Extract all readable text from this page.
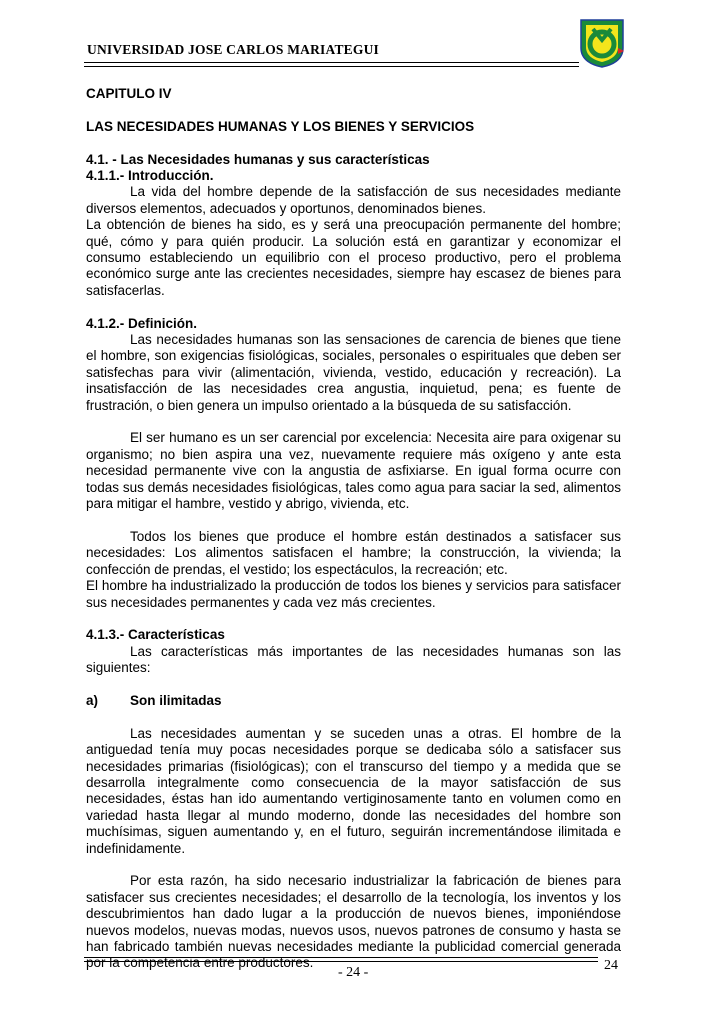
UNIVERSIDAD JOSE CARLOS MARIATEGUI

CAPITULO IV

LAS NECESIDADES HUMANAS Y LOS BIENES Y SERVICIOS

4.1. - Las Necesidades humanas y sus características

4.1.1.- Introducción.

La vida del hombre depende de la satisfacción de sus necesidades mediante diversos elementos, adecuados y oportunos, denominados bienes.

La obtención de bienes ha sido, es y será una preocupación permanente del hombre; qué, cómo y para quién producir. La solución está en garantizar y economizar el consumo estableciendo un equilibrio con el proceso productivo, pero el problema económico surge ante las crecientes necesidades, siempre hay escasez de bienes para satisfacerlas.

4.1.2.- Definición.

Las necesidades humanas son las sensaciones de carencia de bienes que tiene el hombre, son exigencias fisiológicas, sociales, personales o espirituales que deben ser satisfechas para vivir (alimentación, vivienda, vestido, educación y recreación). La insatisfacción de las necesidades crea angustia, inquietud, pena; es fuente de frustración, o bien genera un impulso orientado a la búsqueda de su satisfacción.

El ser humano es un ser carencial por excelencia: Necesita aire para oxigenar su organismo; no bien aspira una vez, nuevamente requiere más oxígeno y ante esta necesidad permanente vive con la angustia de asfixiarse. En igual forma ocurre con todas sus demás necesidades fisiológicas, tales como agua para saciar la sed, alimentos para mitigar el hambre, vestido y abrigo, vivienda, etc.

Todos los bienes que produce el hombre están destinados a satisfacer sus necesidades: Los alimentos satisfacen el hambre; la construcción, la vivienda; la confección de prendas, el vestido; los espectáculos, la recreación; etc.

El hombre ha industrializado la producción de todos los bienes y servicios para satisfacer sus necesidades permanentes y cada vez más crecientes.

4.1.3.- Características

Las características más importantes de las necesidades humanas son las siguientes:

a)	Son ilimitadas

Las necesidades aumentan y se suceden unas a otras. El hombre de la antiguedad tenía muy pocas necesidades porque se dedicaba sólo a satisfacer sus necesidades primarias (fisiológicas); con el transcurso del tiempo y a medida que se desarrolla integralmente como consecuencia de la mayor satisfacción de sus necesidades, éstas han ido aumentando vertiginosamente tanto en volumen como en variedad hasta llegar al mundo moderno, donde las necesidades del hombre son muchísimas, siguen aumentando y, en el futuro, seguirán incrementándose ilimitada e indefinidamente.

Por esta razón, ha sido necesario industrializar la fabricación de bienes para satisfacer sus crecientes necesidades; el desarrollo de la tecnología, los inventos y los descubrimientos han dado lugar a la producción de nuevos bienes, imponiéndose nuevos modelos, nuevas modas, nuevos usos, nuevos patrones de consumo y hasta se han fabricado también nuevas necesidades mediante la publicidad comercial generada por la competencia entre productores.

- 24 -	24
